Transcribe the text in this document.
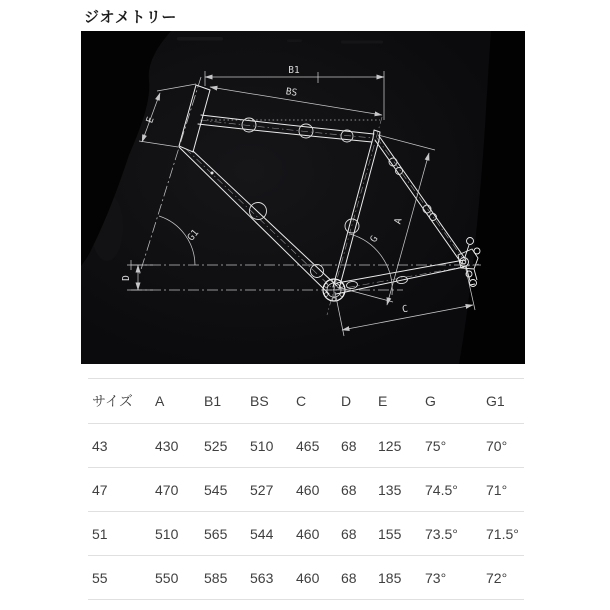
ジオメトリー
B1
BS
E
D
G1	G
A
C
サイズ	A	B1	BS	C	D	E	G	G1
43	430	525	510	465	68	125	75°	70°
47	470	545	527	460	68	135	74.5°	71°
51	510	565	544	460	68	155	73.5°	71.5°
55	550	585	563	460	68	185	73°	72°
